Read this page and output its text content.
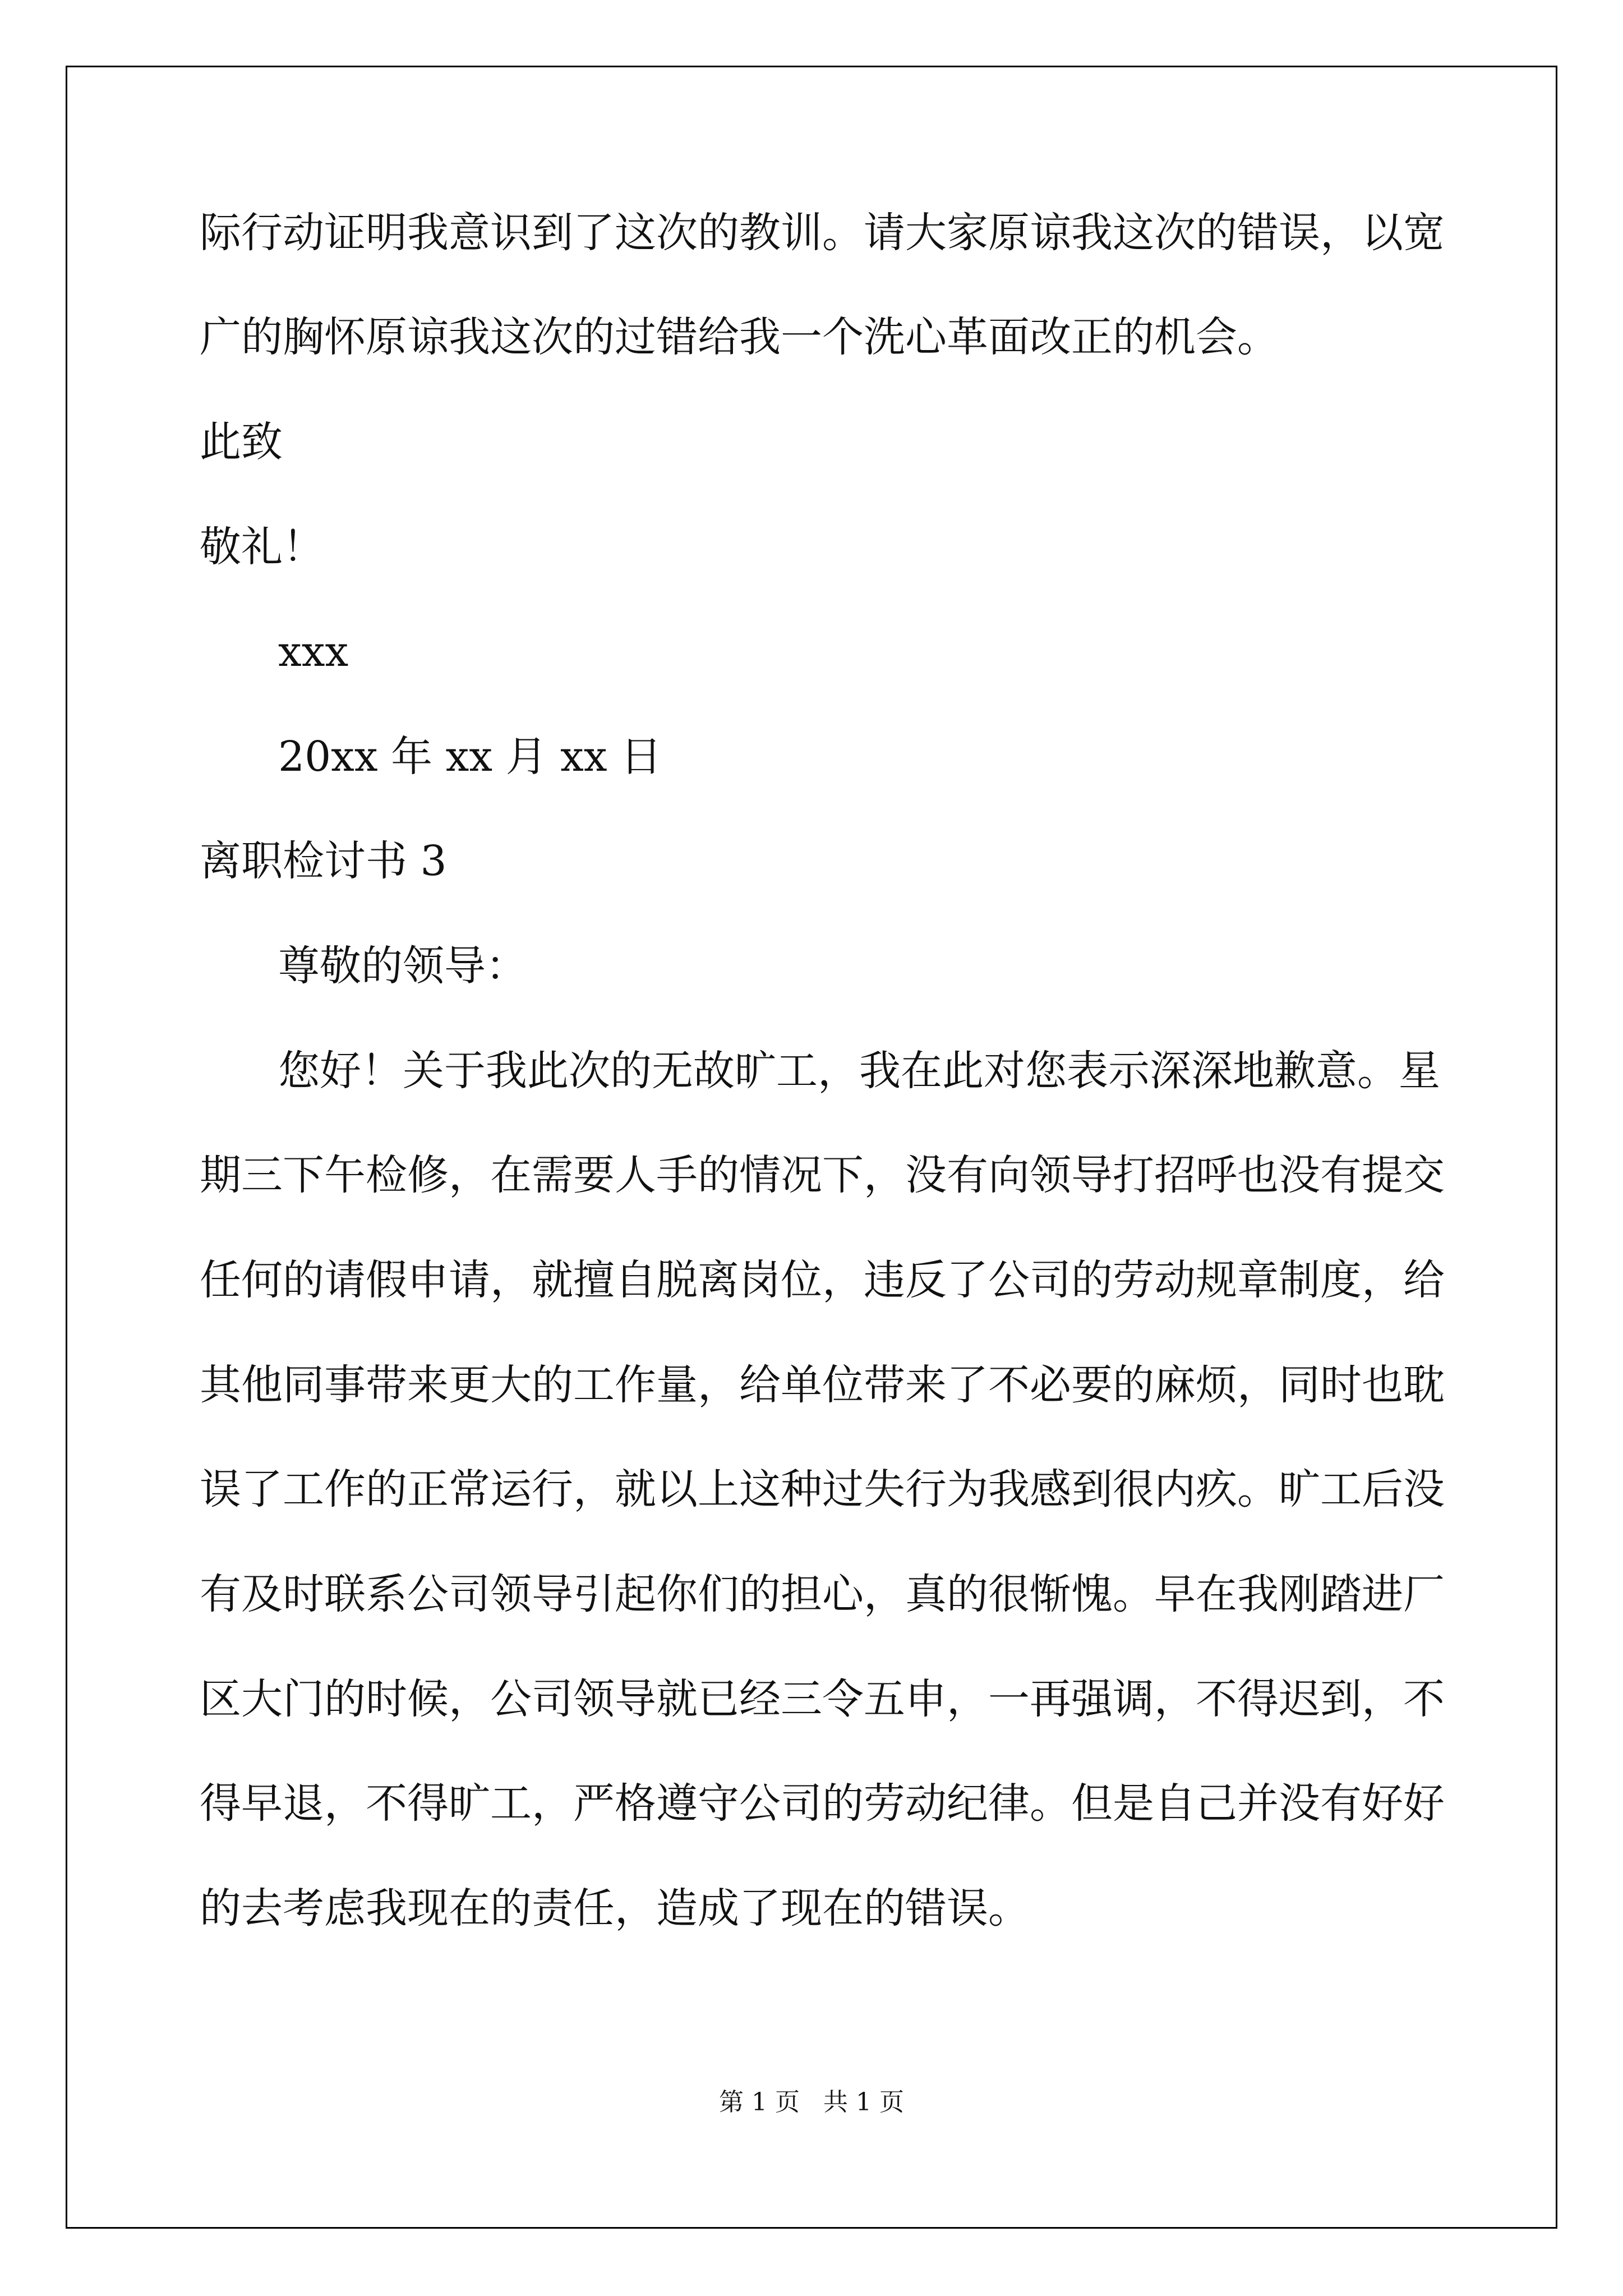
际行动证明我意识到了这次的教训。请大家原谅我这次的错误，以宽
广的胸怀原谅我这次的过错给我一个洗心革面改正的机会。
此致
敬礼！
xxx
20xx 年 xx 月 xx 日
离职检讨书 3
尊敬的领导：
您好！关于我此次的无故旷工，我在此对您表示深深地歉意。星
期三下午检修，在需要人手的情况下，没有向领导打招呼也没有提交
任何的请假申请，就擅自脱离岗位，违反了公司的劳动规章制度，给
其他同事带来更大的工作量，给单位带来了不必要的麻烦，同时也耽
误了工作的正常运行，就以上这种过失行为我感到很内疚。旷工后没
有及时联系公司领导引起你们的担心，真的很惭愧。早在我刚踏进厂
区大门的时候，公司领导就已经三令五申，一再强调，不得迟到，不
得早退，不得旷工，严格遵守公司的劳动纪律。但是自己并没有好好
的去考虑我现在的责任，造成了现在的错误。
第 1 页   共 1 页
